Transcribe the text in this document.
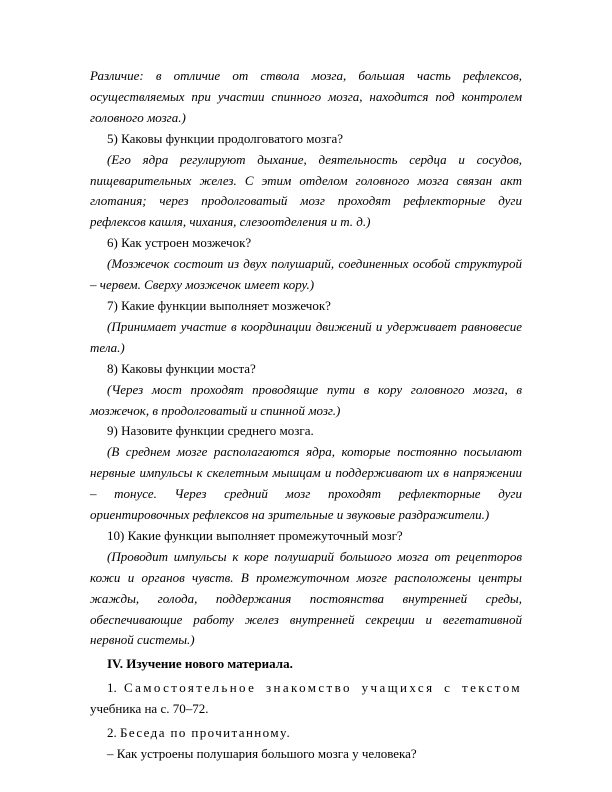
Различие: в отличие от ствола мозга, большая часть рефлексов, осуществляемых при участии спинного мозга, находится под контролем головного мозга.)

5) Каковы функции продолговатого мозга?

(Его ядра регулируют дыхание, деятельность сердца и сосудов, пищеварительных желез. С этим отделом головного мозга связан акт глотания; через продолговатый мозг проходят рефлекторные дуги рефлексов кашля, чихания, слезоотделения и т. д.)

6) Как устроен мозжечок?

(Мозжечок состоит из двух полушарий, соединенных особой структурой – червем. Сверху мозжечок имеет кору.)

7) Какие функции выполняет мозжечок?

(Принимает участие в координации движений и удерживает равновесие тела.)

8) Каковы функции моста?

(Через мост проходят проводящие пути в кору головного мозга, в мозжечок, в продолговатый и спинной мозг.)

9) Назовите функции среднего мозга.

(В среднем мозге располагаются ядра, которые постоянно посылают нервные импульсы к скелетным мышцам и поддерживают их в напряжении – тонусе. Через средний мозг проходят рефлекторные дуги ориентировочных рефлексов на зрительные и звуковые раздражители.)

10) Какие функции выполняет промежуточный мозг?

(Проводит импульсы к коре полушарий большого мозга от рецепторов кожи и органов чувств. В промежуточном мозге расположены центры жажды, голода, поддержания постоянства внутренней среды, обеспечивающие работу желез внутренней секреции и вегетативной нервной системы.)

IV. Изучение нового материала.

1. Самостоятельное знакомство учащихся с текстом учебника на с. 70–72.

2. Беседа по прочитанному.

– Как устроены полушария большого мозга у человека?
